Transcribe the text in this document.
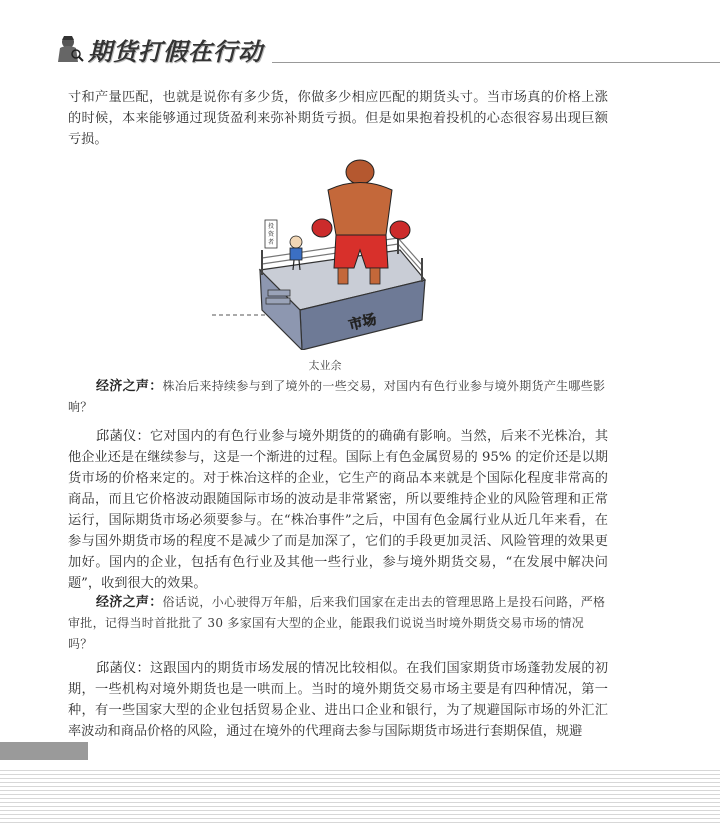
期货打假在行动

寸和产量匹配，也就是说你有多少货，你做多少相应匹配的期货头寸。当市场真的价格上涨的时候，本来能够通过现货盈利来弥补期货亏损。但是如果抱着投机的心态很容易出现巨额亏损。

投
资
者
市场
太业余

经济之声：株冶后来持续参与到了境外的一些交易，对国内有色行业参与境外期货产生哪些影响？

邱菡仪：它对国内的有色行业参与境外期货的的确确有影响。当然，后来不光株冶，其他企业还是在继续参与，这是一个渐进的过程。国际上有色金属贸易的 95% 的定价还是以期货市场的价格来定的。对于株冶这样的企业，它生产的商品本来就是个国际化程度非常高的商品，而且它价格波动跟随国际市场的波动是非常紧密，所以要维持企业的风险管理和正常运行，国际期货市场必须要参与。在“株冶事件”之后，中国有色金属行业从近几年来看，在参与国外期货市场的程度不是减少了而是加深了，它们的手段更加灵活、风险管理的效果更加好。国内的企业，包括有色行业及其他一些行业，参与境外期货交易，“在发展中解决问题”，收到很大的效果。

经济之声：俗话说，小心驶得万年船，后来我们国家在走出去的管理思路上是投石问路，严格审批，记得当时首批批了 30 多家国有大型的企业，能跟我们说说当时境外期货交易市场的情况吗？

邱菡仪：这跟国内的期货市场发展的情况比较相似。在我们国家期货市场蓬勃发展的初期，一些机构对境外期货也是一哄而上。当时的境外期货交易市场主要是有四种情况，第一种，有一些国家大型的企业包括贸易企业、进出口企业和银行，为了规避国际市场的外汇汇率波动和商品价格的风险，通过在境外的代理商去参与国际期货市场进行套期保值，规避
